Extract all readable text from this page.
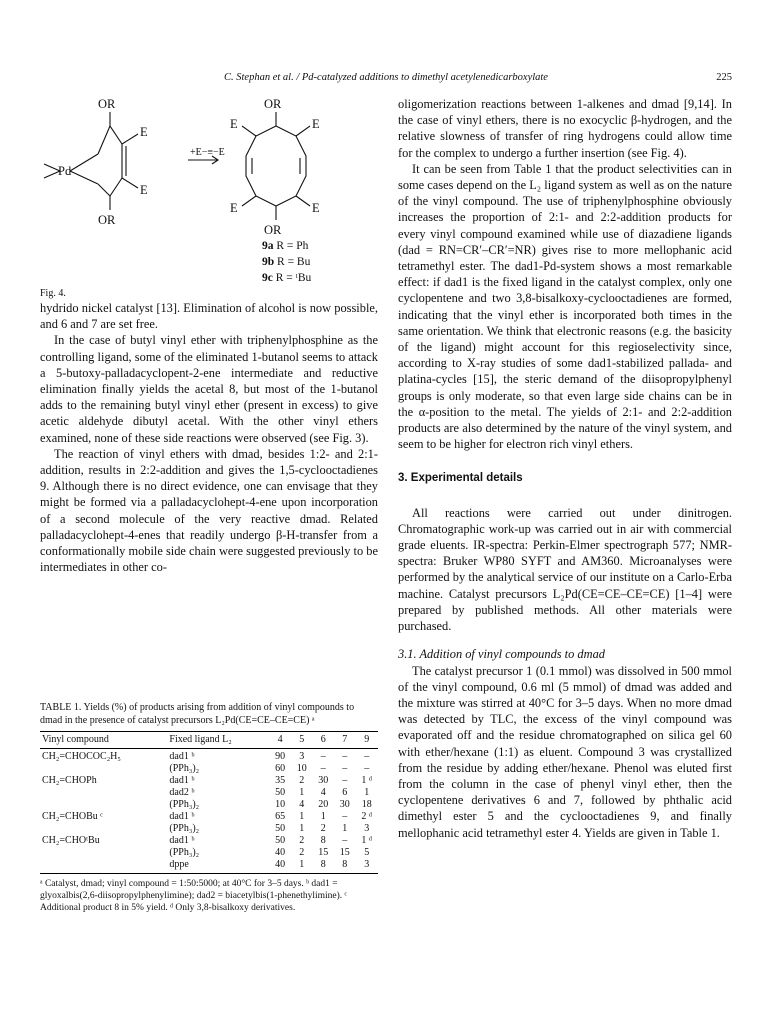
C. Stephan et al. / Pd-catalyzed additions to dimethyl acetylenedicarboxylate	225
OR
OR
Pd
E
E
OR
OR
E
E
E
E
+E−≡−E
9a R = Ph
9b R = Bu
9c R = ᵗBu
Fig. 4.

hydrido nickel catalyst [13]. Elimination of alcohol is now possible, and 6 and 7 are set free.

In the case of butyl vinyl ether with triphenylphosphine as the controlling ligand, some of the eliminated 1-butanol seems to attack a 5-butoxy-palladacyclopent-2-ene intermediate and reductive elimination finally yields the acetal 8, but most of the 1-butanol adds to the remaining butyl vinyl ether (present in excess) to give acetic aldehyde dibutyl acetal. With the other vinyl ethers examined, none of these side reactions were observed (see Fig. 3).

The reaction of vinyl ethers with dmad, besides 1:2- and 2:1-addition, results in 2:2-addition and gives the 1,5-cyclooctadienes 9. Although there is no direct evidence, one can envisage that they might be formed via a palladacyclohept-4-ene upon incorporation of a second molecule of the very reactive dmad. Related palladacyclohept-4-enes that readily undergo β-H-transfer from a conformationally mobile side chain were suggested previously to be intermediates in other co-

TABLE 1. Yields (%) of products arising from addition of vinyl compounds to dmad in the presence of catalyst precursors L₂Pd(CE=CE–CE=CE) ᵃ
Vinyl compound	Fixed ligand L₂	4	5	6	7	9
CH₂=CHOCOC₂H₅	dad1 ᵇ	90	3	–	–	–
	(PPh₃)₂	60	10	–	–	–
CH₂=CHOPh	dad1 ᵇ	35	2	30	–	1 ᵈ
	dad2 ᵇ	50	1	4	6	1
	(PPh₃)₂	10	4	20	30	18
CH₂=CHOBu ᶜ	dad1 ᵇ	65	1	1	–	2 ᵈ
	(PPh₃)₂	50	1	2	1	3
CH₂=CHOᵗBu	dad1 ᵇ	50	2	8	–	1 ᵈ
	(PPh₃)₂	40	2	15	15	5
	dppe	40	1	8	8	3
ᵃ Catalyst, dmad; vinyl compound = 1:50:5000; at 40°C for 3–5 days. ᵇ dad1 = glyoxalbis(2,6-diisopropylphenylimine); dad2 = biacetylbis(1-phenethylimine). ᶜ Additional product 8 in 5% yield. ᵈ Only 3,8-bisalkoxy derivatives.

oligomerization reactions between 1-alkenes and dmad [9,14]. In the case of vinyl ethers, there is no exocyclic β-hydrogen, and the relative slowness of transfer of ring hydrogens could allow time for the complex to undergo a further insertion (see Fig. 4).

It can be seen from Table 1 that the product selectivities can in some cases depend on the L₂ ligand system as well as on the nature of the vinyl compound. The use of triphenylphosphine obviously increases the proportion of 2:1- and 2:2-addition products for every vinyl compound examined while use of diazadiene ligands (dad = RN=CR′–CR′=NR) gives rise to more mellophanic acid tetramethyl ester. The dad1-Pd-system shows a most remarkable effect: if dad1 is the fixed ligand in the catalyst complex, only one cyclopentene and two 3,8-bisalkoxy-cyclooctadienes are formed, indicating that the vinyl ether is incorporated both times in the same orientation. We think that electronic reasons (e.g. the basicity of the ligand) might account for this regioselectivity since, according to X-ray studies of some dad1-stabilized pallada- and platina-cycles [15], the steric demand of the diisopropylphenyl groups is only moderate, so that even large side chains can be in the α-position to the metal. The yields of 2:1- and 2:2-addition products are also determined by the nature of the vinyl system, and seem to be higher for electron rich vinyl ethers.

3. Experimental details

All reactions were carried out under dinitrogen. Chromatographic work-up was carried out in air with commercial grade eluents. IR-spectra: Perkin-Elmer spectrograph 577; NMR-spectra: Bruker WP80 SYFT and AM360. Microanalyses were performed by the analytical service of our institute on a Carlo-Erba machine. Catalyst precursors L₂Pd(CE=CE–CE=CE) [1–4] were prepared by published methods. All other materials were purchased.

3.1. Addition of vinyl compounds to dmad

The catalyst precursor 1 (0.1 mmol) was dissolved in 500 mmol of the vinyl compound, 0.6 ml (5 mmol) of dmad was added and the mixture was stirred at 40°C for 3–5 days. When no more dmad was detected by TLC, the excess of the vinyl compound was evaporated off and the residue chromatographed on silica gel 60 with ether/hexane (1:1) as eluent. Compound 3 was crystallized from the residue by adding ether/hexane. Phenol was eluted first from the column in the case of phenyl vinyl ether, then the cyclopentene derivatives 6 and 7, followed by phthalic acid dimethyl ester 5 and the cyclooctadienes 9, and finally mellophanic acid tetramethyl ester 4. Yields are given in Table 1.
